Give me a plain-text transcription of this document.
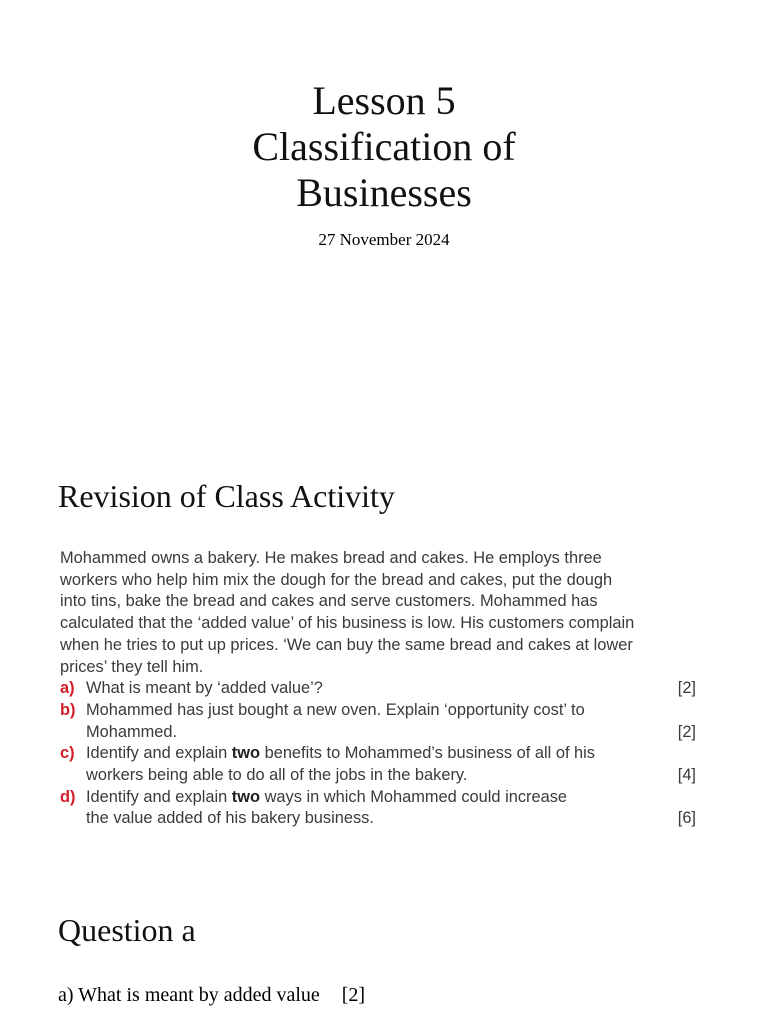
Lesson 5
Classification of
Businesses
27 November 2024
Revision of Class Activity

Mohammed owns a bakery. He makes bread and cakes. He employs three
workers who help him mix the dough for the bread and cakes, put the dough
into tins, bake the bread and cakes and serve customers. Mohammed has
calculated that the ‘added value’ of his business is low. His customers complain
when he tries to put up prices. ‘We can buy the same bread and cakes at lower
prices’ they tell him.

a) What is meant by ‘added value’?	[2]
b) Mohammed has just bought a new oven. Explain ‘opportunity cost’ to
Mohammed.	[2]
c) Identify and explain two benefits to Mohammed’s business of all of his
workers being able to do all of the jobs in the bakery.	[4]
d) Identify and explain two ways in which Mohammed could increase
the value added of his bakery business.	[6]
Question a
a) What is meant by added value [2]
